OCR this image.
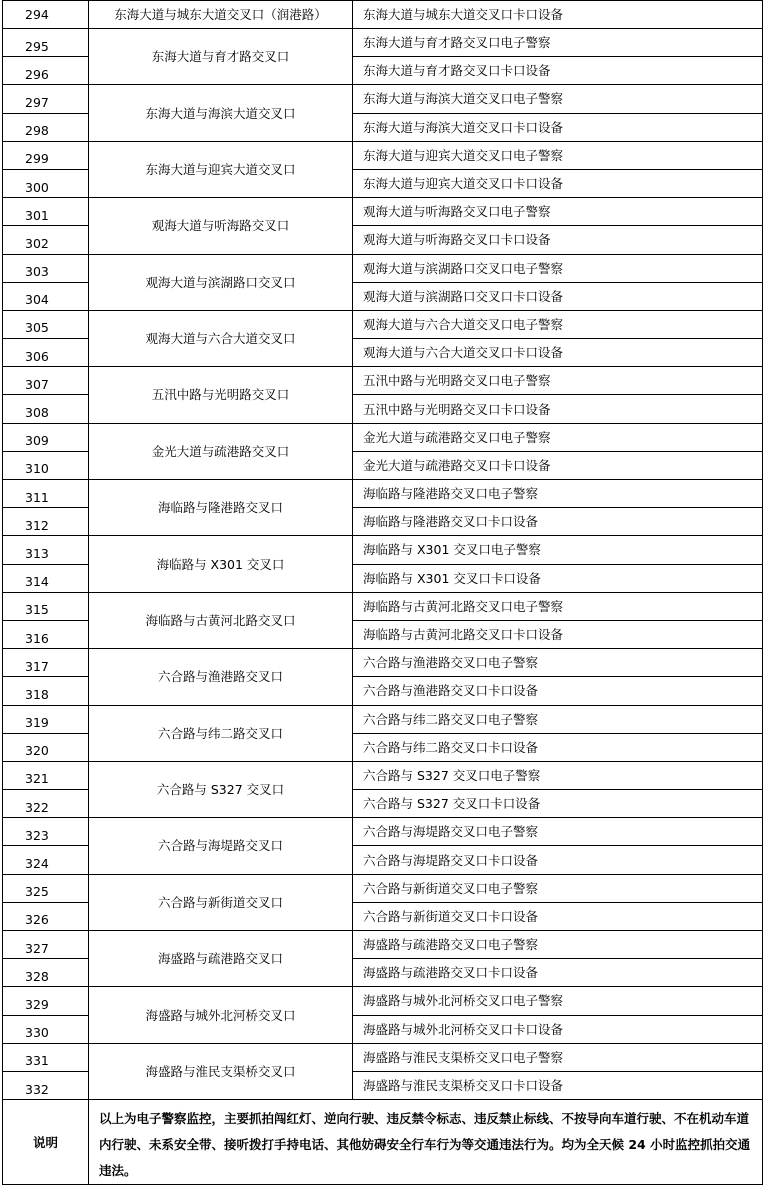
294	东海大道与城东大道交叉口（润港路）	东海大道与城东大道交叉口卡口设备
295	东海大道与育才路交叉口	东海大道与育才路交叉口电子警察
296		东海大道与育才路交叉口卡口设备
297	东海大道与海滨大道交叉口	东海大道与海滨大道交叉口电子警察
298		东海大道与海滨大道交叉口卡口设备
299	东海大道与迎宾大道交叉口	东海大道与迎宾大道交叉口电子警察
300		东海大道与迎宾大道交叉口卡口设备
301	观海大道与听海路交叉口	观海大道与听海路交叉口电子警察
302		观海大道与听海路交叉口卡口设备
303	观海大道与滨湖路口交叉口	观海大道与滨湖路口交叉口电子警察
304		观海大道与滨湖路口交叉口卡口设备
305	观海大道与六合大道交叉口	观海大道与六合大道交叉口电子警察
306		观海大道与六合大道交叉口卡口设备
307	五汛中路与光明路交叉口	五汛中路与光明路交叉口电子警察
308		五汛中路与光明路交叉口卡口设备
309	金光大道与疏港路交叉口	金光大道与疏港路交叉口电子警察
310		金光大道与疏港路交叉口卡口设备
311	海临路与隆港路交叉口	海临路与隆港路交叉口电子警察
312		海临路与隆港路交叉口卡口设备
313	海临路与 X301 交叉口	海临路与 X301 交叉口电子警察
314		海临路与 X301 交叉口卡口设备
315	海临路与古黄河北路交叉口	海临路与古黄河北路交叉口电子警察
316		海临路与古黄河北路交叉口卡口设备
317	六合路与渔港路交叉口	六合路与渔港路交叉口电子警察
318		六合路与渔港路交叉口卡口设备
319	六合路与纬二路交叉口	六合路与纬二路交叉口电子警察
320		六合路与纬二路交叉口卡口设备
321	六合路与 S327 交叉口	六合路与 S327 交叉口电子警察
322		六合路与 S327 交叉口卡口设备
323	六合路与海堤路交叉口	六合路与海堤路交叉口电子警察
324		六合路与海堤路交叉口卡口设备
325	六合路与新街道交叉口	六合路与新街道交叉口电子警察
326		六合路与新街道交叉口卡口设备
327	海盛路与疏港路交叉口	海盛路与疏港路交叉口电子警察
328		海盛路与疏港路交叉口卡口设备
329	海盛路与城外北河桥交叉口	海盛路与城外北河桥交叉口电子警察
330		海盛路与城外北河桥交叉口卡口设备
331	海盛路与淮民支渠桥交叉口	海盛路与淮民支渠桥交叉口电子警察
332		海盛路与淮民支渠桥交叉口卡口设备
说明	以上为电子警察监控，主要抓拍闯红灯、逆向行驶、违反禁令标志、违反禁止标线、不按导向车道行驶、不在机动车道内行驶、未系安全带、接听拨打手持电话、其他妨碍安全行车行为等交通违法行为。均为全天候 24 小时监控抓拍交通违法。	
